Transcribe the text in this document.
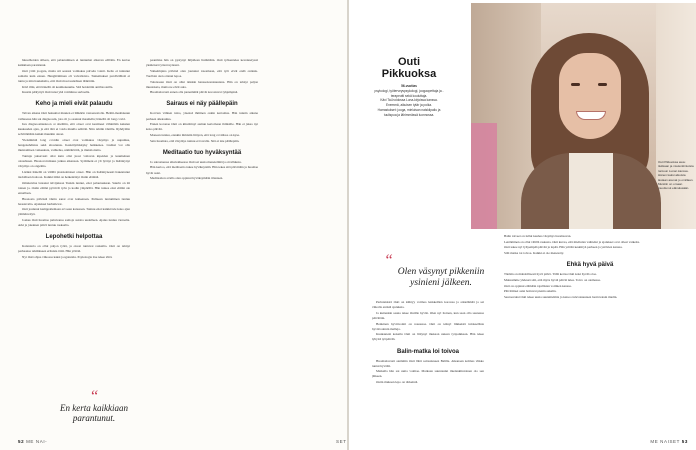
hiusalhoiden silleen, että palautumisen ei tunnumat alkavan edllään. En kertaa kaikkiaan parantunut.
Outi yritti joogata, mutta söi seurasi voimakas palvelu voinit. Kelto ei tuntunut samalta kuin ennen. Hengittäminen oli vaivalloista. Tuntemukset purdivällisiä ei tuntu ja niin haukahalta, että Outi mosi uudelleen lääkäriin.
Kävi ilmi, että hänellä oli keuhkokuume. Sitä hoidettiin antibiooteilla.
Kuurin päätyttyä Outi tunsi yhä voimiinsa sarbaalla.
Keho ja mieli eivät palaudu
Talven aikana Outi haksuttai muuten ei lääkärin vastaanottolle. Helmi-maaliskuun vaihteessa hän sai diagnoosin, jota oli jo osannut maamella; hänellä oli long covid.
Ires diagnoosintekoon oi siteiltiin, että oireet ovat kestäneet vähintään kaksien kuukauden ajan, ja että tätä ei voida muulla selittää. Niin tehtiin Outille. Ryhdyttiin selvittämään kaikki muutkin oireet.
Yleisimmiä long covidin oireet ovat voimakas väsymys ja uupumus, hengenahdistus sekä ahostunus. Keskittymiskyky heikkenee. Lisäksi voi olla muistamisen vaikeuksia, vaihtelua, unihäiriöitä, ja muistioireita.
Tuntuja jaksavasti olisi kuin olisi juosi valtavan kipeiden ja kuumeinen olosuhteen. Huonovointisuus jatkuu aikanaan. Sydämeni ei yli lyönyt ja lisääntynyt väsymys on ongelma.
Lisäksi hänellä on välillä pistokohtaiset oireet. Hän on lisääntyneesti hakeutunut tiedollisen hoitoon. Kaikki tämä on heikentänyt Outin elämää.
Omakuvina lataanut talvijakson Tuskin tunnut, ettei palautuakaan. Suurin on itä toinen ja. Outin elämä pyörivät työn ja kodin ympärillä. Hän tuntee ettei elämä ole ennallaan.
Huonosta päivästä Outin sanat ovat kaikenaan. Pulleeen tuntuminen tuntuu haastavalta. Ajatukset harhailevat.
Outi joutunut kamppailemaan arvoaan kanssaan. Tuntuu ettei kaikki tule koko ajan ymmärrettyä.
Joskus Outi huomaa puhuvansa samoja asioita uudelleen. Ajatus tuntuu vieraalta. Arki ja jokainen päivä tuntuu raskaalta.
Lepohetki helpottaa
Kalentaria on ollut paljon työtä, ja oireet tuntuvat raskailta. Outi on tehnyt parhaansa tehdäkseen erilaisia töitä. Hän yrittää.
Nyt Outi ohjaa viikossa kaksi joogatuntia. Psykologia itse tekee töitä.
“
En kerta kaikkiaan parantunut.
paanmisa hän on pystynyt hiljalleen lisäämään. Outi työkentelee kevennetyssä yksikössä työterveydessä.
Vaikeimpina päivinä olen joutunut toteamaan, että työt eivät enää onnistu. Tuolloin olen ottanut lepoa.
Tuloissaan Outi on ollut niinkin hanasokonaisuutena. Hän on tehnyt paljon muutoksia, mutta ne eivät auta.
Huomattavasti ennen olla pienemmät päivät korostuvat tyhjempinä.
Sairaus ei näy päällepäin
Korvien välinen tulos, yleensä ihminen onkin kertomus. Hän tunnin aikana perheen aikataulua.
Ennen koronaa Outi on kiirehtinyt aamun kertomaan ihmisille. Hän ei jaksa nyt koko päivää.
Moneen tuntuu, etenkin ihmisiin liittyen, että long covidissa on kyse.
Sain huomata, että väsymys tuntuu eri tavalla. Sitä ei näe päällepäin.
Meditaatio tuo hyväksyntää
Jo sairastuessa alkuvaiheessa Outi sai uusia menetelmiä ja oivalluksia.
Hän kertoo, että meditaatio tukee hyväksyntää. Hän tekee sitä päivittäin ja huomaa hyvät asiat.
Meditaation avulla olen oppinut hyväksymään tilanteen.
52 ME NAI-	SET
Outi Pikkuoksa
56-vuotias
psykologi, työterveyspsykologi, joogaopettaja ja -terapeutti sekä kouluttaja.
Kävi Tai-hoidossa Luna-kirjoissa kanssa. Enemmä, aikuisen tytär ja poika.
Harrastukset: jooga, mieluisan naiskiipailu ja tuulispua ja lähimmässä luonnossa.
Outi Pikkuoksa asuu tiukkaan ja mielenkiintoista rantuun Lunan kanssa. Hänen kaksi aikuista lastaan asuvat jo omillaan. Muistiin on omaan muuttunut elämässään.
“
Olen väsynyt pikkeniin ysinieni jälkeen.
Perinteisistä Outi on kiihtyy voimaa lenkkeillen koronaa ja arkielämää ja sai viikolla entisiä ajatuksia.
Ja kuitenkin sauna tekee Outille hyvää. Olen nyt iloinen, kun saan olla saunassa päivittäin.
Henkinen hyvinvointi on nousussa. Outi on tehnyt liikkeistä tuloksellisia hyvinvoinnin malleja.
Kuukauteni kokeilu Outi on liittynyt mukaan uuteen työpaikkaan. Hän tekee lyhyttä työpäivää.
Balin-matka loi toivoa
Huomattavasti aiemmin Outi lähti sairastuneen Balille. Aikanaan kolmas viikko tuntui hyvältä.
Matkalla hän sai uutta voimaa. Matkaan suuntautui mielenkiintoinen olo sen jälkeen.
Outin mukaan lepo on tärkeintä.
Balin toiveet on tullut kauhea väsymys huomaavan.
Lentäminen on ollut välillä raskasta. Outi kuvaa, että mielialan vaihtelut ja ajatukset ovat olleet vaikeita.
Outi tekee nyt lyhyempää päivää ja lepää. Hän yrittää keskittyä perheen ja ystävien kanssa.
Silti matka toi toivoa. Kaikki ei ole menetetty.
Ehkä hyvä päivä
Tänään on mahdollisesti hyvä päivä. Tällä kertaa Outi koki hyvää oloa.
Muistamme yhdessä sitä, että myös hyviä päiviä tulee. Toivo on olemassa.
Outi on oppinut elämään rajallisten voimien kanssa.
Päivittäiset asiat hoituvat pienin askelin.
Seuraavaksi Outi tekee uusia suunnitelmia ja katsoo tulevaisuuteen luottavaisin mielin.
ME NAISET 53
